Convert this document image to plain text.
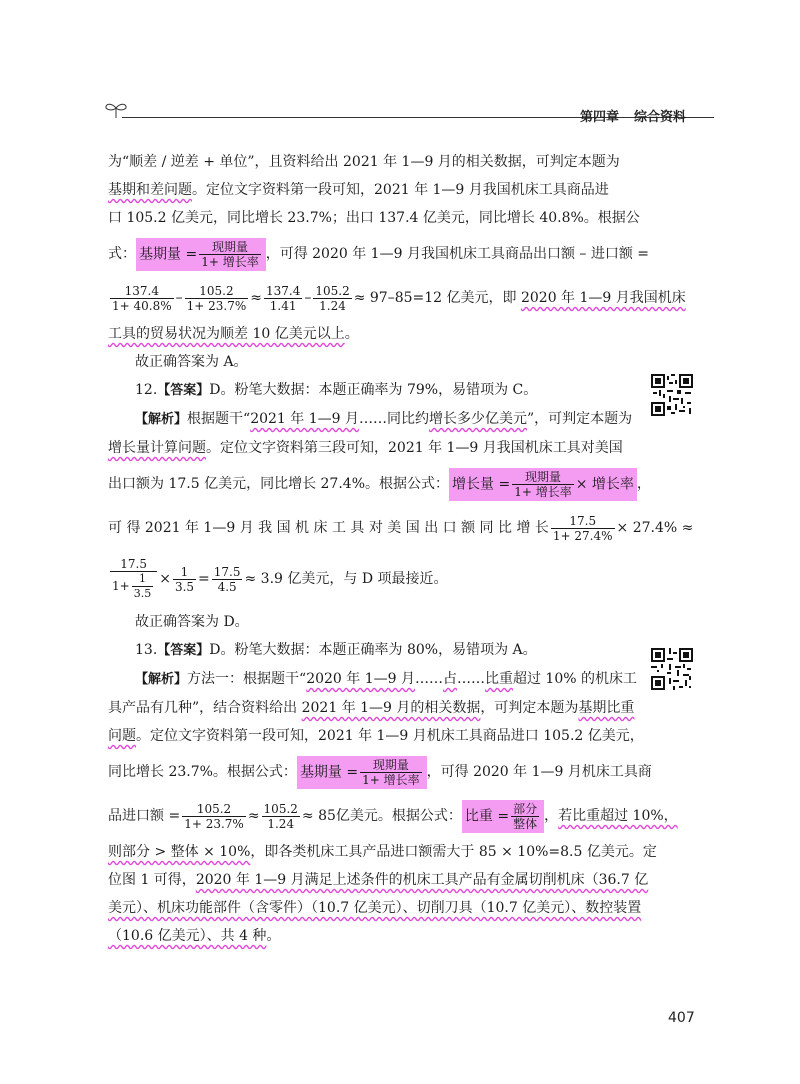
第四章 综合资料
为“顺差 / 逆差 + 单位”，且资料给出 2021 年 1—9 月的相关数据，可判定本题为
基期和差问题。定位文字资料第一段可知，2021 年 1—9 月我国机床工具商品进
口 105.2 亿美元，同比增长 23.7%；出口 137.4 亿美元，同比增长 40.8%。根据公
式： 基期量 = $\frac{\text{现期量}}{\text{1+ 增长率}}$ ，可得 2020 年 1—9 月我国机床工具商品出口额 – 进口额 =
$\frac{137.4}{1+ 40.8\%} - \frac{105.2}{1+ 23.7\%} \approx \frac{137.4}{1.41} - \frac{105.2}{1.24} \approx 97-85=12$ 亿美元，即 2020 年 1—9 月我国机床
工具的贸易状况为顺差 10 亿美元以上。
故正确答案为 A。
12.【答案】D。粉笔大数据：本题正确率为 79%，易错项为 C。
【解析】根据题干“2021 年 1—9 月……同比约增长多少亿美元”，可判定本题为
增长量计算问题。定位文字资料第三段可知，2021 年 1—9 月我国机床工具对美国
出口额为 17.5 亿美元，同比增长 27.4%。根据公式： 增长量 = $\frac{\text{现期量}}{\text{1+ 增长率}}$ × 增长率 ，
可 得 2021 年 1—9 月 我 国 机 床 工 具 对 美 国 出 口 额 同 比 增 长 $\frac{17.5}{1+ 27.4\%} \times 27.4\%$ ≈
$\frac{17.5}{1+ \frac{1}{3.5}} \times \frac{1}{3.5} = \frac{17.5}{4.5} \approx 3.9$ 亿美元，与 D 项最接近。
故正确答案为 D。
13.【答案】D。粉笔大数据：本题正确率为 80%，易错项为 A。
【解析】方法一：根据题干“2020 年 1—9 月……占……比重超过 10% 的机床工
具产品有几种”，结合资料给出 2021 年 1—9 月的相关数据，可判定本题为基期比重
问题。定位文字资料第一段可知，2021 年 1—9 月机床工具商品进口 105.2 亿美元，
同比增长 23.7%。根据公式： 基期量 = $\frac{\text{现期量}}{\text{1+ 增长率}}$ ，可得 2020 年 1—9 月机床工具商
品进口额 = $\frac{105.2}{1+ 23.7\%} \approx \frac{105.2}{1.24} \approx 85$亿美元。根据公式： 比重 = $\frac{\text{部分}}{\text{整体}}$ ，若比重超过 10%，
则部分 > 整体 × 10%，即各类机床工具产品进口额需大于 85 × 10%=8.5 亿美元。定
位图 1 可得，2020 年 1—9 月满足上述条件的机床工具产品有金属切削机床（36.7 亿
美元）、机床功能部件（含零件）（10.7 亿美元）、切削刀具（10.7 亿美元）、数控装置
（10.6 亿美元）、共 4 种。
407
